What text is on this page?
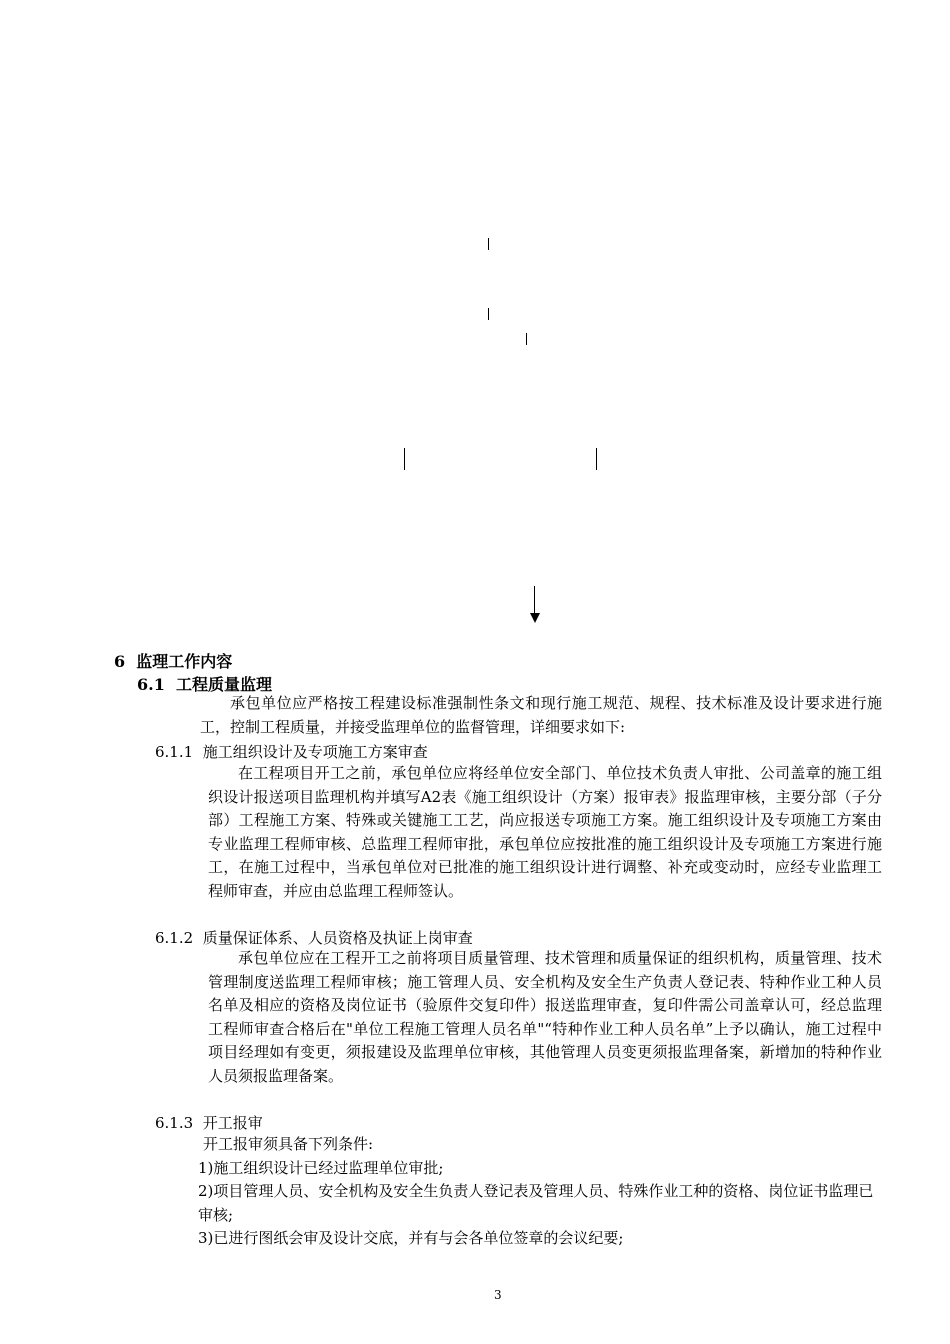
6 监理工作内容
6.1 工程质量监理

承包单位应严格按工程建设标准强制性条文和现行施工规范、规程、技术标准及设计要求进行施工，控制工程质量，并接受监理单位的监督管理，详细要求如下:

6.1.1 施工组织设计及专项施工方案审查

在工程项目开工之前，承包单位应将经单位安全部门、单位技术负责人审批、公司盖章的施工组织设计报送项目监理机构并填写A2表《施工组织设计（方案）报审表》报监理审核，主要分部（子分部）工程施工方案、特殊或关键施工工艺，尚应报送专项施工方案。施工组织设计及专项施工方案由专业监理工程师审核、总监理工程师审批，承包单位应按批准的施工组织设计及专项施工方案进行施工，在施工过程中，当承包单位对已批准的施工组织设计进行调整、补充或变动时，应经专业监理工程师审查，并应由总监理工程师签认。

6.1.2 质量保证体系、人员资格及执证上岗审查

承包单位应在工程开工之前将项目质量管理、技术管理和质量保证的组织机构，质量管理、技术管理制度送监理工程师审核；施工管理人员、安全机构及安全生产负责人登记表、特种作业工种人员名单及相应的资格及岗位证书（验原件交复印件）报送监理审查，复印件需公司盖章认可，经总监理工程师审查合格后在"单位工程施工管理人员名单"“特种作业工种人员名单”上予以确认，施工过程中项目经理如有变更，须报建设及监理单位审核，其他管理人员变更须报监理备案，新增加的特种作业人员须报监理备案。

6.1.3 开工报审
开工报审须具备下列条件:
1)施工组织设计已经过监理单位审批;
2)项目管理人员、安全机构及安全生负责人登记表及管理人员、特殊作业工种的资格、岗位证书监理已审核;
3)已进行图纸会审及设计交底，并有与会各单位签章的会议纪要;
3
